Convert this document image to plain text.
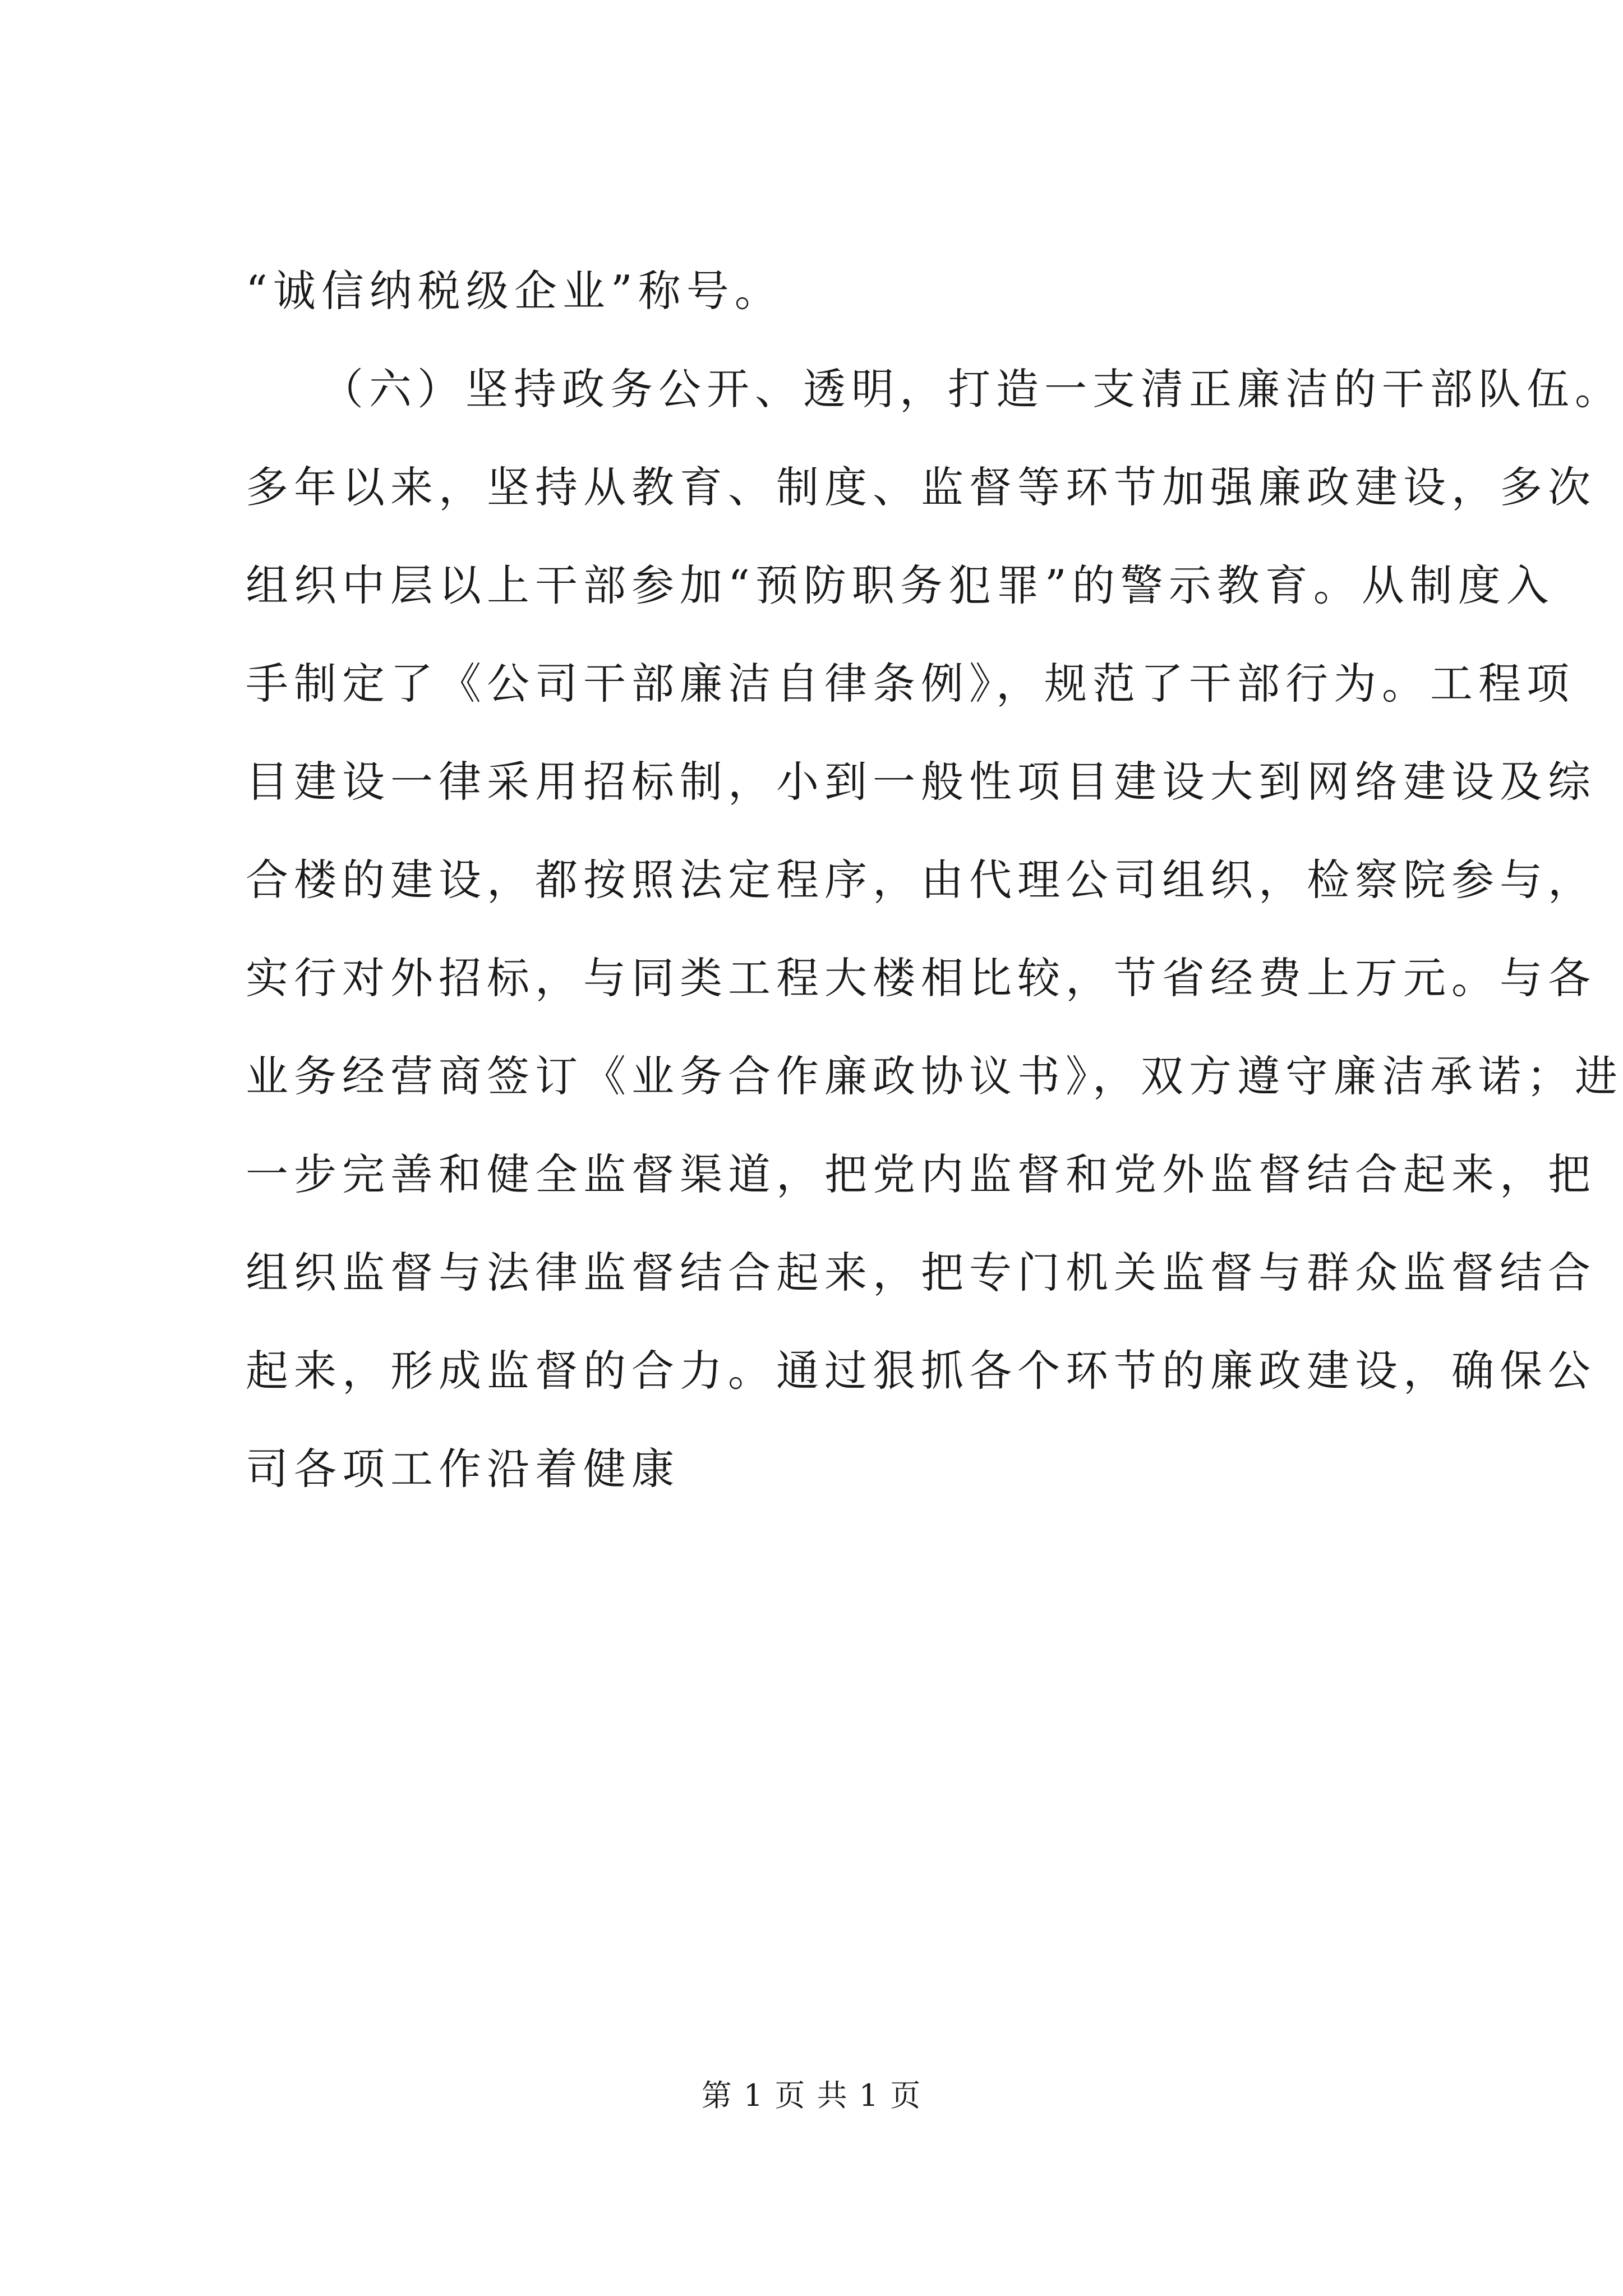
“诚信纳税级企业”称号。
　　（六）坚持政务公开、透明，打造一支清正廉洁的干部队伍。
多年以来，坚持从教育、制度、监督等环节加强廉政建设，多次
组织中层以上干部参加“预防职务犯罪”的警示教育。从制度入
手制定了《公司干部廉洁自律条例》，规范了干部行为。工程项
目建设一律采用招标制，小到一般性项目建设大到网络建设及综
合楼的建设，都按照法定程序，由代理公司组织，检察院参与，
实行对外招标，与同类工程大楼相比较，节省经费上万元。与各
业务经营商签订《业务合作廉政协议书》，双方遵守廉洁承诺；进
一步完善和健全监督渠道，把党内监督和党外监督结合起来，把
组织监督与法律监督结合起来，把专门机关监督与群众监督结合
起来，形成监督的合力。通过狠抓各个环节的廉政建设，确保公
司各项工作沿着健康
第 1 页 共 1 页
